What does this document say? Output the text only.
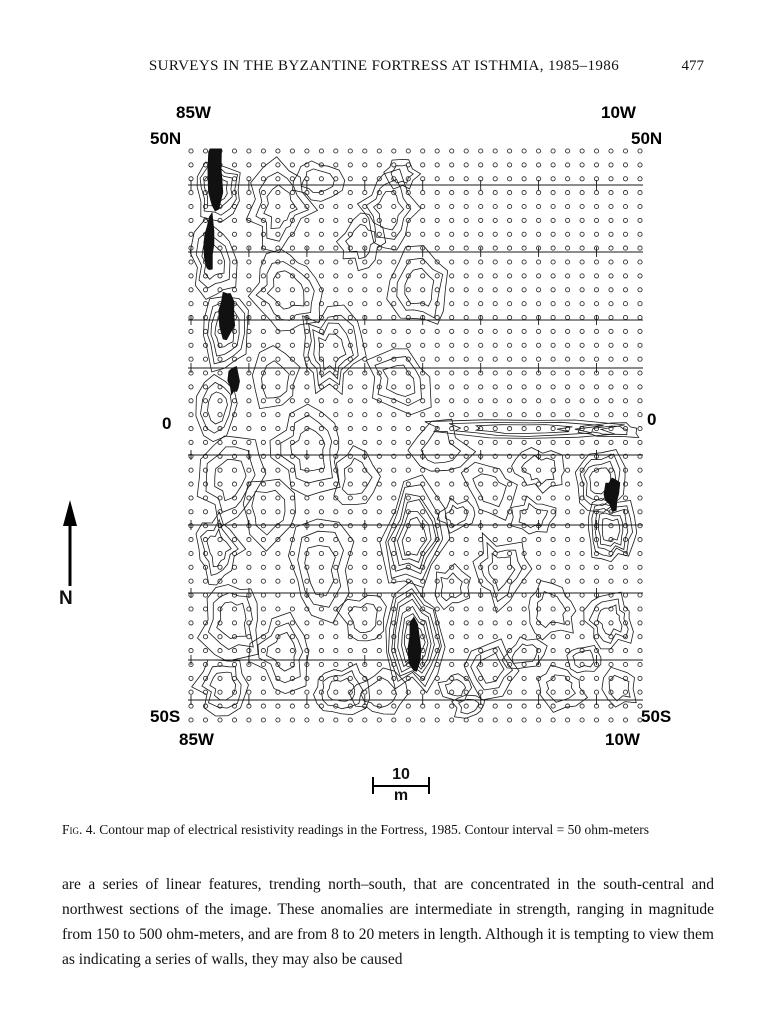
SURVEYS IN THE BYZANTINE FORTRESS AT ISTHMIA, 1985–1986	477
85W	10W
50N	50N
0	0
50S	50S
85W	10W
N
10
m
Fig. 4. Contour map of electrical resistivity readings in the Fortress, 1985. Contour interval = 50 ohm-meters
are a series of linear features, trending north–south, that are concentrated in the south-central and northwest sections of the image. These anomalies are intermediate in strength, ranging in magnitude from 150 to 500 ohm-meters, and are from 8 to 20 meters in length. Although it is tempting to view them as indicating a series of walls, they may also be caused
